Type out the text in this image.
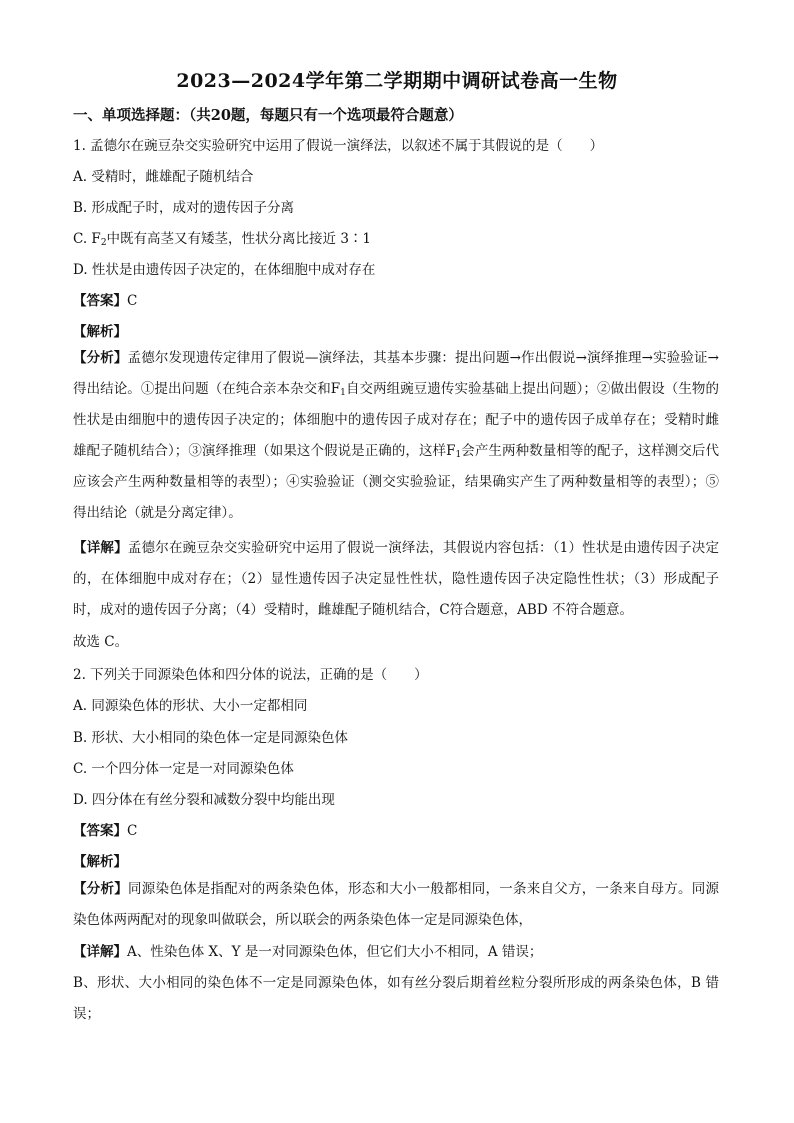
2023—2024学年第二学期期中调研试卷高一生物
一、单项选择题：（共20题，每题只有一个选项最符合题意）
1. 孟德尔在豌豆杂交实验研究中运用了假说一演绎法，以叙述不属于其假说的是（　　）
A. 受精时，雌雄配子随机结合
B. 形成配子时，成对的遗传因子分离
C. $F_2$中既有高茎又有矮茎，性状分离比接近 3∶1
D. 性状是由遗传因子决定的，在体细胞中成对存在
【答案】C
【解析】
【分析】孟德尔发现遗传定律用了假说—演绎法，其基本步骤：提出问题→作出假说→演绎推理→实验验证→得出结论。①提出问题（在纯合亲本杂交和$F_1$自交两组豌豆遗传实验基础上提出问题）；②做出假设（生物的性状是由细胞中的遗传因子决定的；体细胞中的遗传因子成对存在；配子中的遗传因子成单存在；受精时雌雄配子随机结合）；③演绎推理（如果这个假说是正确的，这样$F_1$会产生两种数量相等的配子，这样测交后代应该会产生两种数量相等的表型）；④实验验证（测交实验验证，结果确实产生了两种数量相等的表型）；⑤得出结论（就是分离定律）。
【详解】孟德尔在豌豆杂交实验研究中运用了假说一演绎法，其假说内容包括：（1）性状是由遗传因子决定的，在体细胞中成对存在；（2）显性遗传因子决定显性性状，隐性遗传因子决定隐性性状；（3）形成配子时，成对的遗传因子分离；（4）受精时，雌雄配子随机结合，C符合题意，ABD 不符合题意。
故选 C。
2. 下列关于同源染色体和四分体的说法，正确的是（　　）
A. 同源染色体的形状、大小一定都相同
B. 形状、大小相同的染色体一定是同源染色体
C. 一个四分体一定是一对同源染色体
D. 四分体在有丝分裂和减数分裂中均能出现
【答案】C
【解析】
【分析】同源染色体是指配对的两条染色体，形态和大小一般都相同，一条来自父方，一条来自母方。同源染色体两两配对的现象叫做联会，所以联会的两条染色体一定是同源染色体，
【详解】A、性染色体 X、Y 是一对同源染色体，但它们大小不相同，A 错误；
B、形状、大小相同的染色体不一定是同源染色体，如有丝分裂后期着丝粒分裂所形成的两条染色体，B 错误；
